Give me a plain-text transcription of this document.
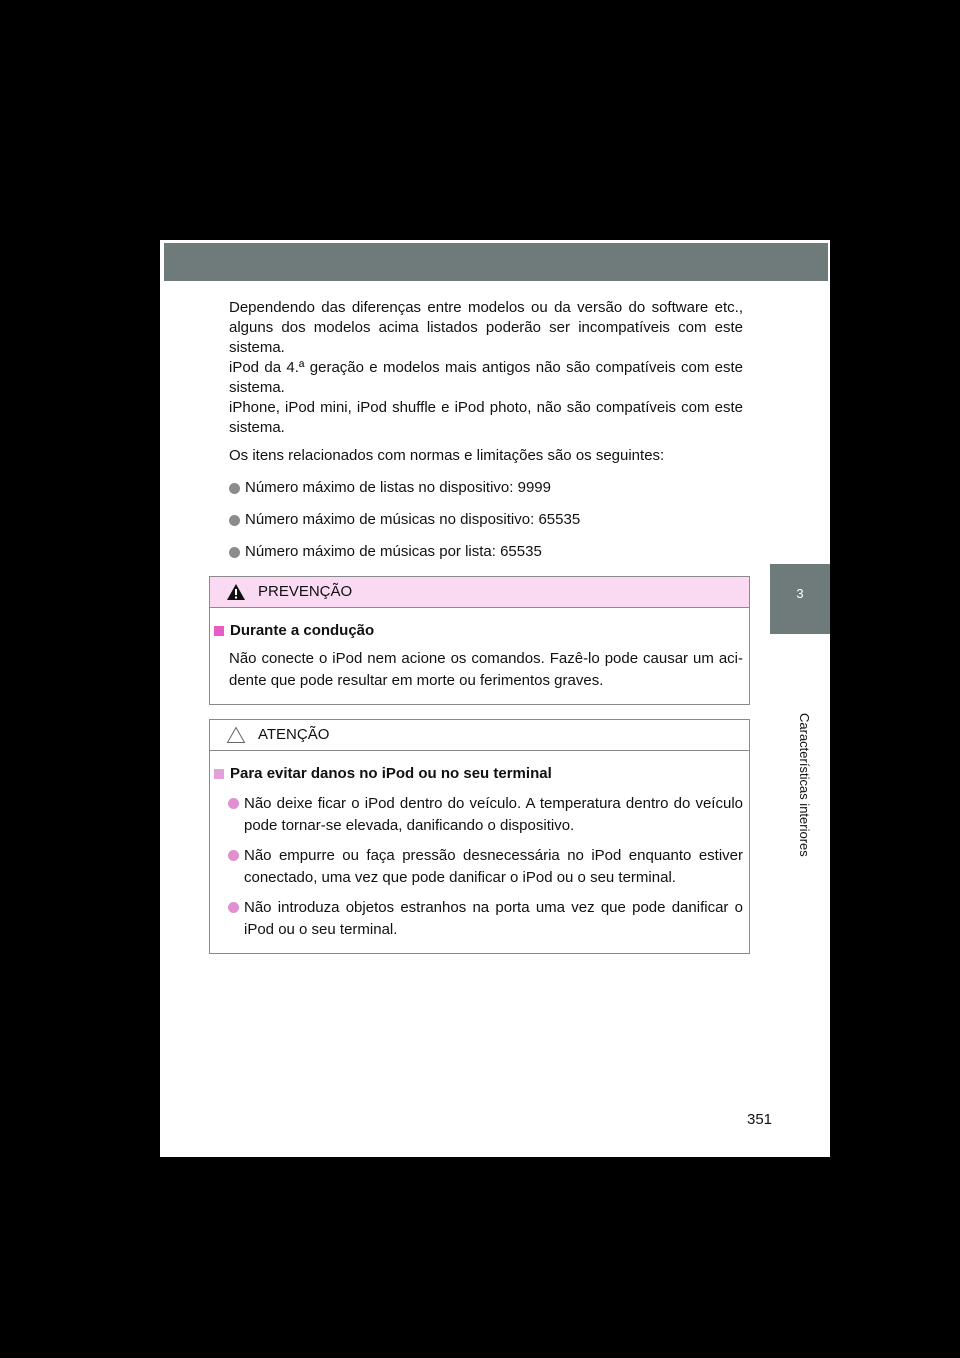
3
Características interiores

Dependendo das diferenças entre modelos ou da versão do software etc., alguns dos modelos acima listados poderão ser incompatíveis com este sistema.

iPod da 4.ª geração e modelos mais antigos não são compatíveis com este sistema.

iPhone, iPod mini, iPod shuffle e iPod photo, não são compatíveis com este sistema.

Os itens relacionados com normas e limitações são os seguintes:

Número máximo de listas no dispositivo: 9999
Número máximo de músicas no dispositivo: 65535
Número máximo de músicas por lista: 65535
PREVENÇÃO
Durante a condução
Não conecte o iPod nem acione os comandos. Fazê-lo pode causar um aci- dente que pode resultar em morte ou ferimentos graves.
ATENÇÃO
Para evitar danos no iPod ou no seu terminal
Não deixe ficar o iPod dentro do veículo. A temperatura dentro do veículo pode tornar-se elevada, danificando o dispositivo.
Não empurre ou faça pressão desnecessária no iPod enquanto estiver conectado, uma vez que pode danificar o iPod ou o seu terminal.
Não introduza objetos estranhos na porta uma vez que pode danificar o iPod ou o seu terminal.
351
